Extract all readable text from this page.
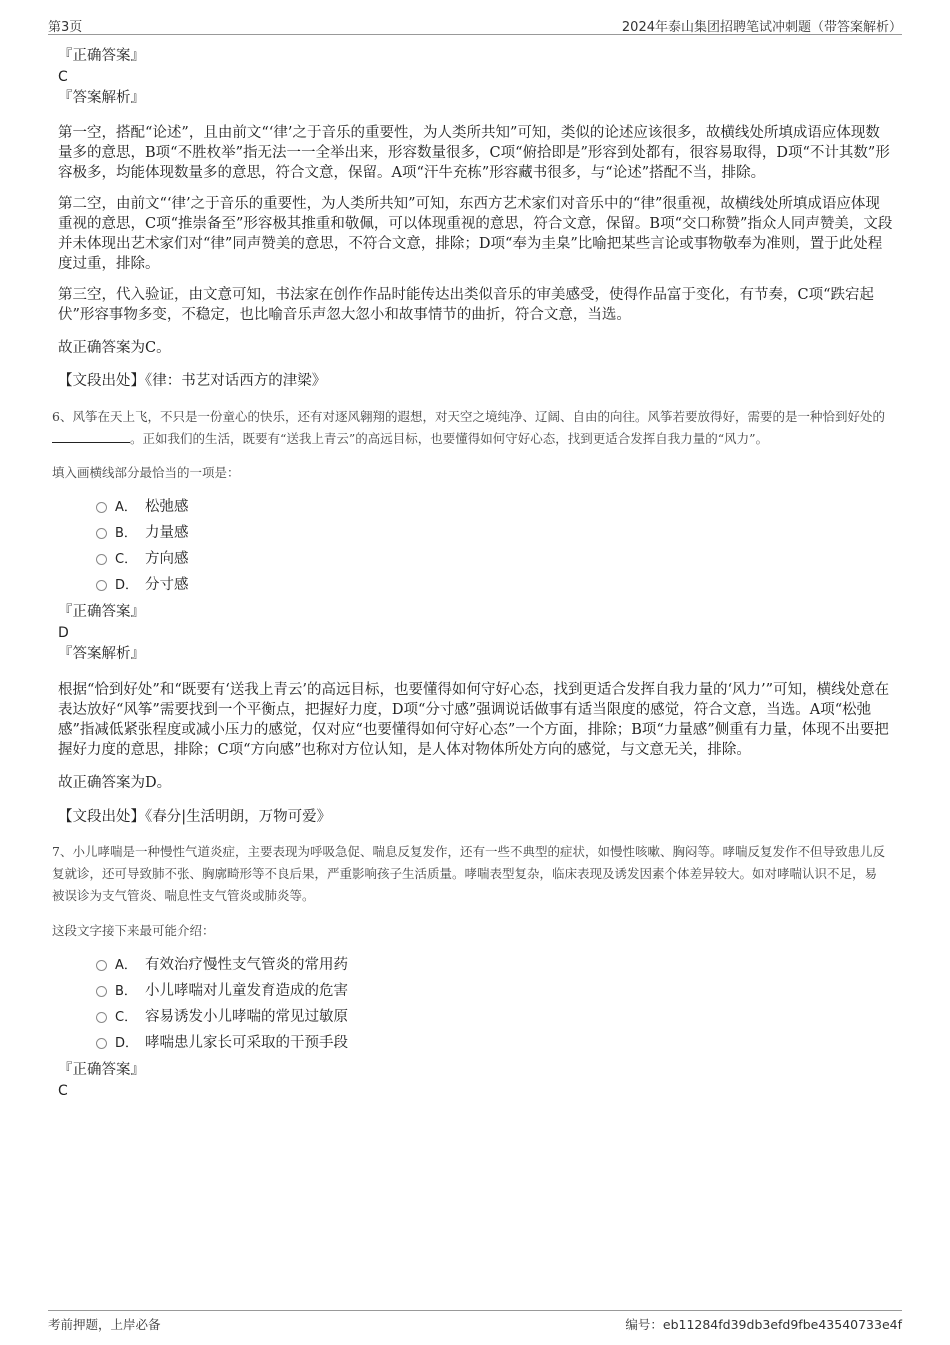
第3页	2024年泰山集团招聘笔试冲刺题（带答案解析）
『正确答案』
C
『答案解析』

第一空，搭配“论述”，且由前文“‘律’之于音乐的重要性，为人类所共知”可知，类似的论述应该很多，故横线处所填成语应体现数量多的意思，B项“不胜枚举”指无法一一全举出来，形容数量很多，C项“俯拾即是”形容到处都有，很容易取得，D项“不计其数”形容极多，均能体现数量多的意思，符合文意，保留。A项“汗牛充栋”形容藏书很多，与“论述”搭配不当，排除。

第二空，由前文“‘律’之于音乐的重要性，为人类所共知”可知，东西方艺术家们对音乐中的“律”很重视，故横线处所填成语应体现重视的意思，C项“推崇备至”形容极其推重和敬佩，可以体现重视的意思，符合文意，保留。B项“交口称赞”指众人同声赞美，文段并未体现出艺术家们对“律”同声赞美的意思，不符合文意，排除；D项“奉为圭臬”比喻把某些言论或事物敬奉为准则，置于此处程度过重，排除。

第三空，代入验证，由文意可知，书法家在创作作品时能传达出类似音乐的审美感受，使得作品富于变化，有节奏，C项“跌宕起伏”形容事物多变，不稳定，也比喻音乐声忽大忽小和故事情节的曲折，符合文意，当选。

故正确答案为C。

【文段出处】《律：书艺对话西方的津梁》

6、风筝在天上飞，不只是一份童心的快乐，还有对逐风翱翔的遐想，对天空之境纯净、辽阔、自由的向往。风筝若要放得好，需要的是一种恰到好处的 。正如我们的生活，既要有“送我上青云”的高远目标，也要懂得如何守好心态，找到更适合发挥自我力量的“风力”。

填入画横线部分最恰当的一项是：

A． 松弛感
B． 力量感
C． 方向感
D． 分寸感
『正确答案』
D
『答案解析』

根据“恰到好处”和“既要有‘送我上青云’的高远目标，也要懂得如何守好心态，找到更适合发挥自我力量的‘风力’”可知，横线处意在表达放好“风筝”需要找到一个平衡点，把握好力度，D项“分寸感”强调说话做事有适当限度的感觉，符合文意，当选。A项“松弛感”指减低紧张程度或减小压力的感觉，仅对应“也要懂得如何守好心态”一个方面，排除；B项“力量感”侧重有力量，体现不出要把握好力度的意思，排除；C项“方向感”也称对方位认知，是人体对物体所处方向的感觉，与文意无关，排除。

故正确答案为D。

【文段出处】《春分|生活明朗，万物可爱》

7、小儿哮喘是一种慢性气道炎症，主要表现为呼吸急促、喘息反复发作，还有一些不典型的症状，如慢性咳嗽、胸闷等。哮喘反复发作不但导致患儿反复就诊，还可导致肺不张、胸廓畸形等不良后果，严重影响孩子生活质量。哮喘表型复杂，临床表现及诱发因素个体差异较大。如对哮喘认识不足，易被误诊为支气管炎、喘息性支气管炎或肺炎等。

这段文字接下来最可能介绍：

A． 有效治疗慢性支气管炎的常用药
B． 小儿哮喘对儿童发育造成的危害
C． 容易诱发小儿哮喘的常见过敏原
D． 哮喘患儿家长可采取的干预手段
『正确答案』
C
考前押题，上岸必备	编号：eb11284fd39db3efd9fbe43540733e4f
